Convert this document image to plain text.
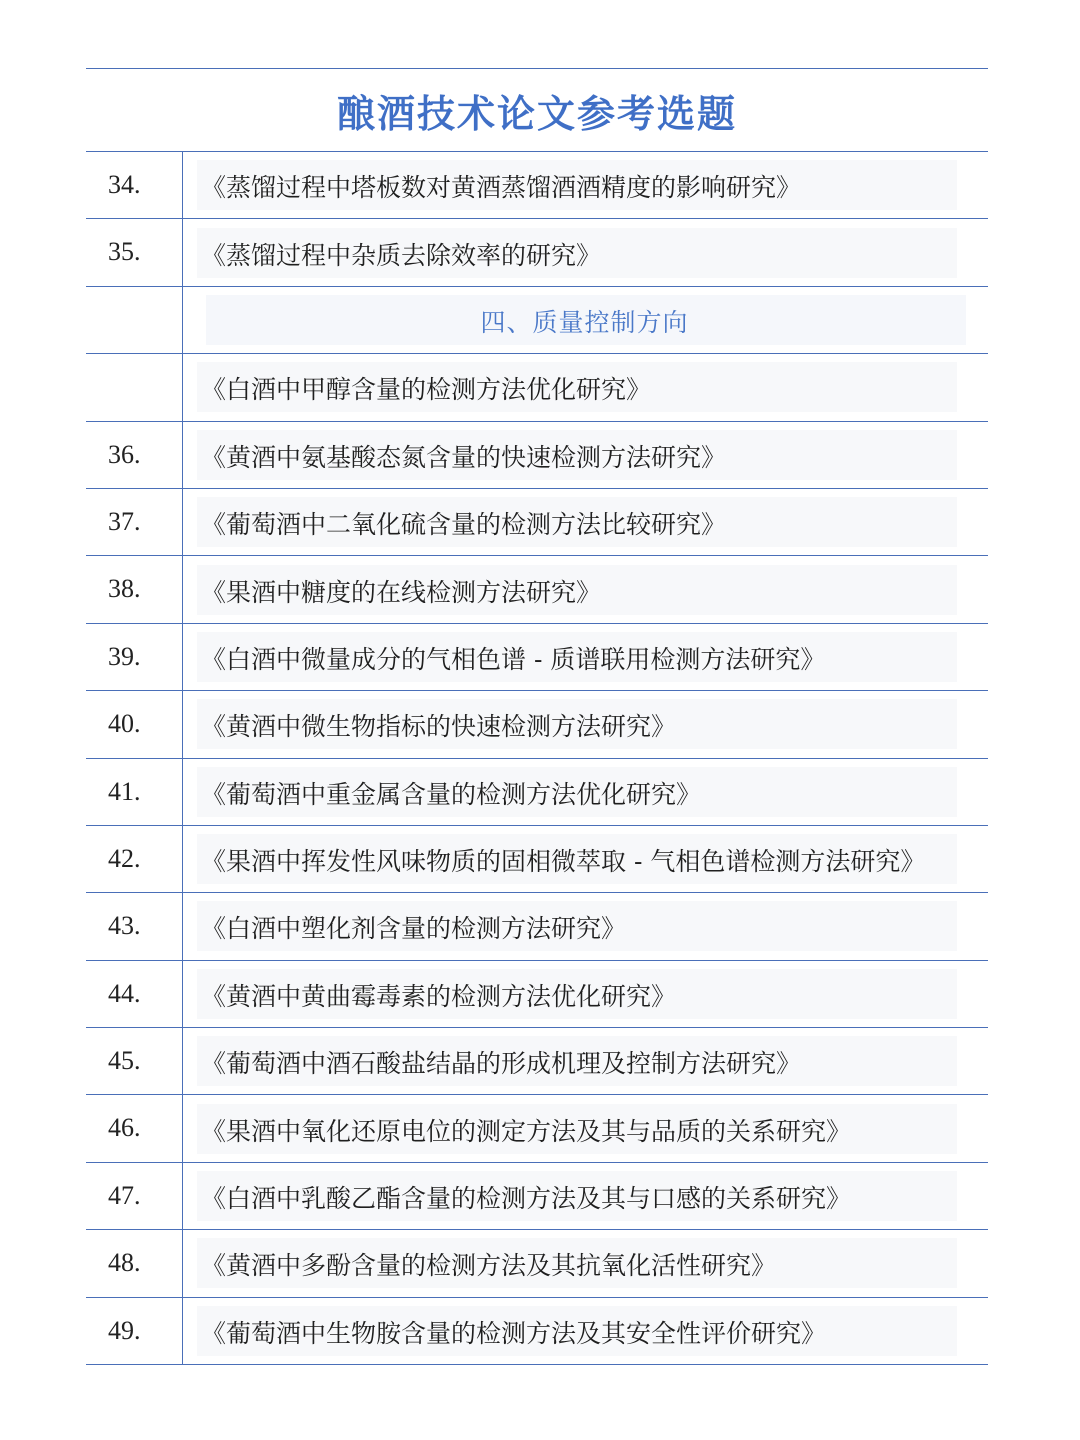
酿酒技术论文参考选题
34.	《蒸馏过程中塔板数对黄酒蒸馏酒酒精度的影响研究》
35.	《蒸馏过程中杂质去除效率的研究》
四、质量控制方向
《白酒中甲醇含量的检测方法优化研究》
36.	《黄酒中氨基酸态氮含量的快速检测方法研究》
37.	《葡萄酒中二氧化硫含量的检测方法比较研究》
38.	《果酒中糖度的在线检测方法研究》
39.	《白酒中微量成分的气相色谱 - 质谱联用检测方法研究》
40.	《黄酒中微生物指标的快速检测方法研究》
41.	《葡萄酒中重金属含量的检测方法优化研究》
42.	《果酒中挥发性风味物质的固相微萃取 - 气相色谱检测方法研究》
43.	《白酒中塑化剂含量的检测方法研究》
44.	《黄酒中黄曲霉毒素的检测方法优化研究》
45.	《葡萄酒中酒石酸盐结晶的形成机理及控制方法研究》
46.	《果酒中氧化还原电位的测定方法及其与品质的关系研究》
47.	《白酒中乳酸乙酯含量的检测方法及其与口感的关系研究》
48.	《黄酒中多酚含量的检测方法及其抗氧化活性研究》
49.	《葡萄酒中生物胺含量的检测方法及其安全性评价研究》
